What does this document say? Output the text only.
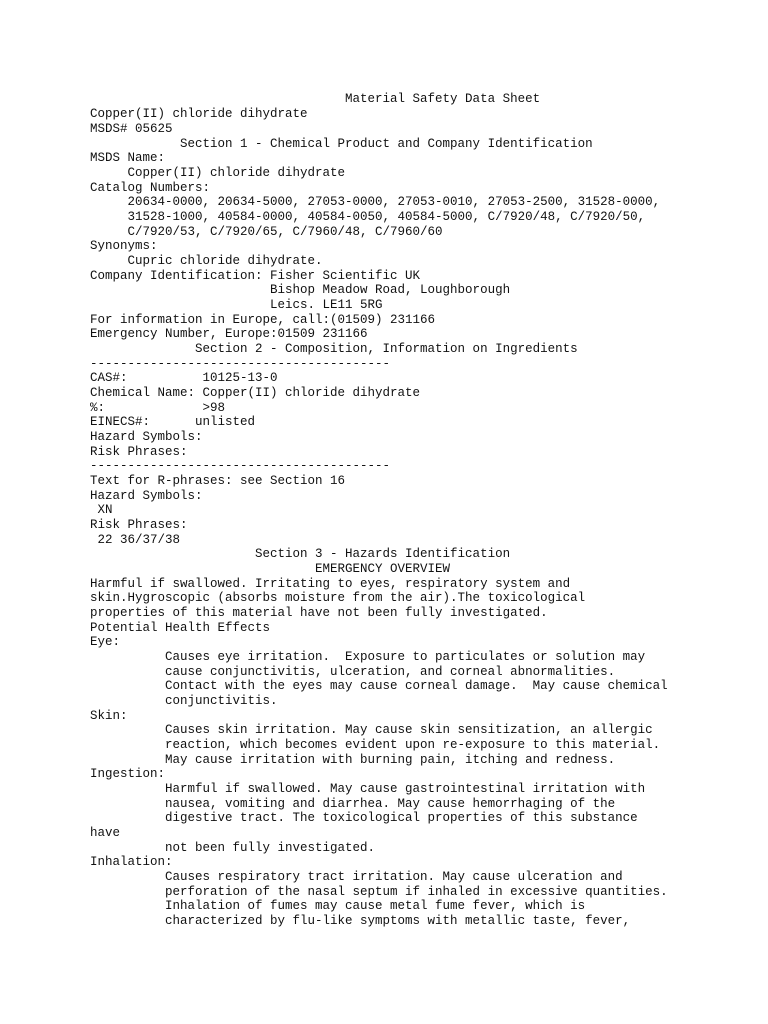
Material Safety Data Sheet
Copper(II) chloride dihydrate
MSDS# 05625
Section 1 - Chemical Product and Company Identification
MSDS Name:
Copper(II) chloride dihydrate
Catalog Numbers:
20634-0000, 20634-5000, 27053-0000, 27053-0010, 27053-2500, 31528-0000,
31528-1000, 40584-0000, 40584-0050, 40584-5000, C/7920/48, C/7920/50,
C/7920/53, C/7920/65, C/7960/48, C/7960/60
Synonyms:
Cupric chloride dihydrate.
Company Identification: Fisher Scientific UK
Bishop Meadow Road, Loughborough
Leics. LE11 5RG
For information in Europe, call:(01509) 231166
Emergency Number, Europe:01509 231166
Section 2 - Composition, Information on Ingredients
----------------------------------------
CAS#:          10125-13-0
Chemical Name: Copper(II) chloride dihydrate
%:             >98
EINECS#:      unlisted
Hazard Symbols:
Risk Phrases:
----------------------------------------
Text for R-phrases: see Section 16
Hazard Symbols:
XN
Risk Phrases:
22 36/37/38
Section 3 - Hazards Identification
EMERGENCY OVERVIEW
Harmful if swallowed. Irritating to eyes, respiratory system and
skin.Hygroscopic (absorbs moisture from the air).The toxicological
properties of this material have not been fully investigated.
Potential Health Effects
Eye:
Causes eye irritation.  Exposure to particulates or solution may
cause conjunctivitis, ulceration, and corneal abnormalities.
Contact with the eyes may cause corneal damage.  May cause chemical
conjunctivitis.
Skin:
Causes skin irritation. May cause skin sensitization, an allergic
reaction, which becomes evident upon re-exposure to this material.
May cause irritation with burning pain, itching and redness.
Ingestion:
Harmful if swallowed. May cause gastrointestinal irritation with
nausea, vomiting and diarrhea. May cause hemorrhaging of the
digestive tract. The toxicological properties of this substance
have
not been fully investigated.
Inhalation:
Causes respiratory tract irritation. May cause ulceration and
perforation of the nasal septum if inhaled in excessive quantities.
Inhalation of fumes may cause metal fume fever, which is
characterized by flu-like symptoms with metallic taste, fever,
